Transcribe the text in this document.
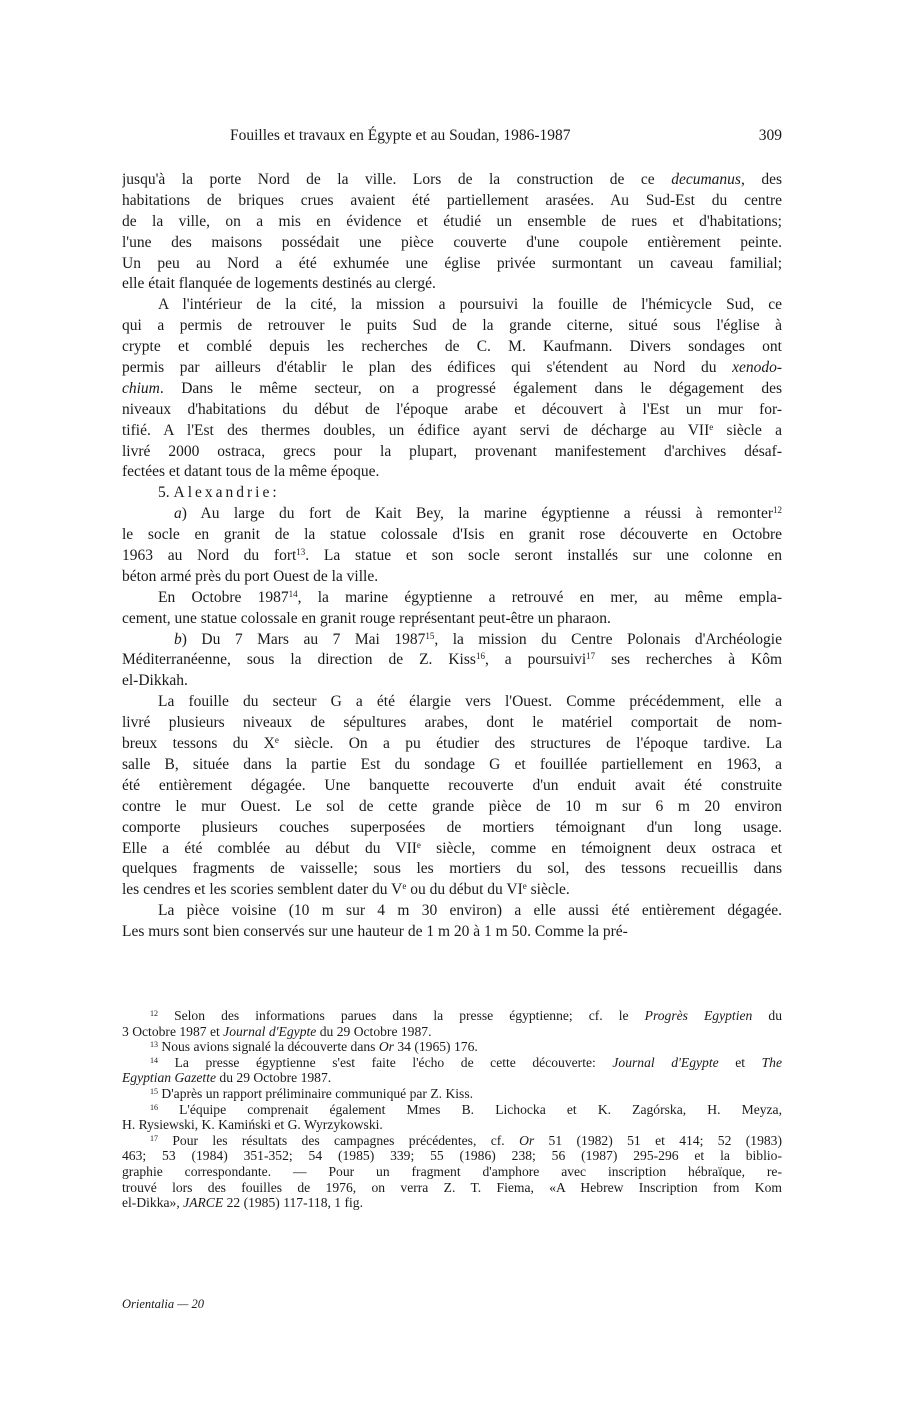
Fouilles et travaux en Égypte et au Soudan, 1986-1987	309
jusqu'à la porte Nord de la ville. Lors de la construction de ce decumanus, des
habitations de briques crues avaient été partiellement arasées. Au Sud-Est du centre
de la ville, on a mis en évidence et étudié un ensemble de rues et d'habitations;
l'une des maisons possédait une pièce couverte d'une coupole entièrement peinte.
Un peu au Nord a été exhumée une église privée surmontant un caveau familial;
elle était flanquée de logements destinés au clergé.
A l'intérieur de la cité, la mission a poursuivi la fouille de l'hémicycle Sud, ce
qui a permis de retrouver le puits Sud de la grande citerne, situé sous l'église à
crypte et comblé depuis les recherches de C. M. Kaufmann. Divers sondages ont
permis par ailleurs d'établir le plan des édifices qui s'étendent au Nord du xenodo-
chium. Dans le même secteur, on a progressé également dans le dégagement des
niveaux d'habitations du début de l'époque arabe et découvert à l'Est un mur for-
tifié. A l'Est des thermes doubles, un édifice ayant servi de décharge au VIIe siècle a
livré 2000 ostraca, grecs pour la plupart, provenant manifestement d'archives désaf-
fectées et datant tous de la même époque.
5. Alexandrie:
a) Au large du fort de Kait Bey, la marine égyptienne a réussi à remonter$^{12}$
le socle en granit de la statue colossale d'Isis en granit rose découverte en Octobre
1963 au Nord du fort$^{13}$. La statue et son socle seront installés sur une colonne en
béton armé près du port Ouest de la ville.
En Octobre 1987$^{14}$, la marine égyptienne a retrouvé en mer, au même empla-
cement, une statue colossale en granit rouge représentant peut-être un pharaon.
b) Du 7 Mars au 7 Mai 1987$^{15}$, la mission du Centre Polonais d'Archéologie
Méditerranéenne, sous la direction de Z. Kiss$^{16}$, a poursuivi$^{17}$ ses recherches à Kôm
el-Dikkah.
La fouille du secteur G a été élargie vers l'Ouest. Comme précédemment, elle a
livré plusieurs niveaux de sépultures arabes, dont le matériel comportait de nom-
breux tessons du Xe siècle. On a pu étudier des structures de l'époque tardive. La
salle B, située dans la partie Est du sondage G et fouillée partiellement en 1963, a
été entièrement dégagée. Une banquette recouverte d'un enduit avait été construite
contre le mur Ouest. Le sol de cette grande pièce de 10 m sur 6 m 20 environ
comporte plusieurs couches superposées de mortiers témoignant d'un long usage.
Elle a été comblée au début du VIIe siècle, comme en témoignent deux ostraca et
quelques fragments de vaisselle; sous les mortiers du sol, des tessons recueillis dans
les cendres et les scories semblent dater du Ve ou du début du VIe siècle.
La pièce voisine (10 m sur 4 m 30 environ) a elle aussi été entièrement dégagée.
Les murs sont bien conservés sur une hauteur de 1 m 20 à 1 m 50. Comme la pré-
$^{12}$ Selon des informations parues dans la presse égyptienne; cf. le Progrès Egyptien du
3 Octobre 1987 et Journal d'Egypte du 29 Octobre 1987.
$^{13}$ Nous avions signalé la découverte dans Or 34 (1965) 176.
$^{14}$ La presse égyptienne s'est faite l'écho de cette découverte: Journal d'Egypte et The
Egyptian Gazette du 29 Octobre 1987.
$^{15}$ D'après un rapport préliminaire communiqué par Z. Kiss.
$^{16}$ L'équipe comprenait également Mmes B. Lichocka et K. Zagórska, H. Meyza,
H. Rysiewski, K. Kamiński et G. Wyrzykowski.
$^{17}$ Pour les résultats des campagnes précédentes, cf. Or 51 (1982) 51 et 414; 52 (1983)
463; 53 (1984) 351-352; 54 (1985) 339; 55 (1986) 238; 56 (1987) 295-296 et la biblio-
graphie correspondante. — Pour un fragment d'amphore avec inscription hébraïque, re-
trouvé lors des fouilles de 1976, on verra Z. T. Fiema, «A Hebrew Inscription from Kom
el-Dikka», JARCE 22 (1985) 117-118, 1 fig.
Orientalia — 20
